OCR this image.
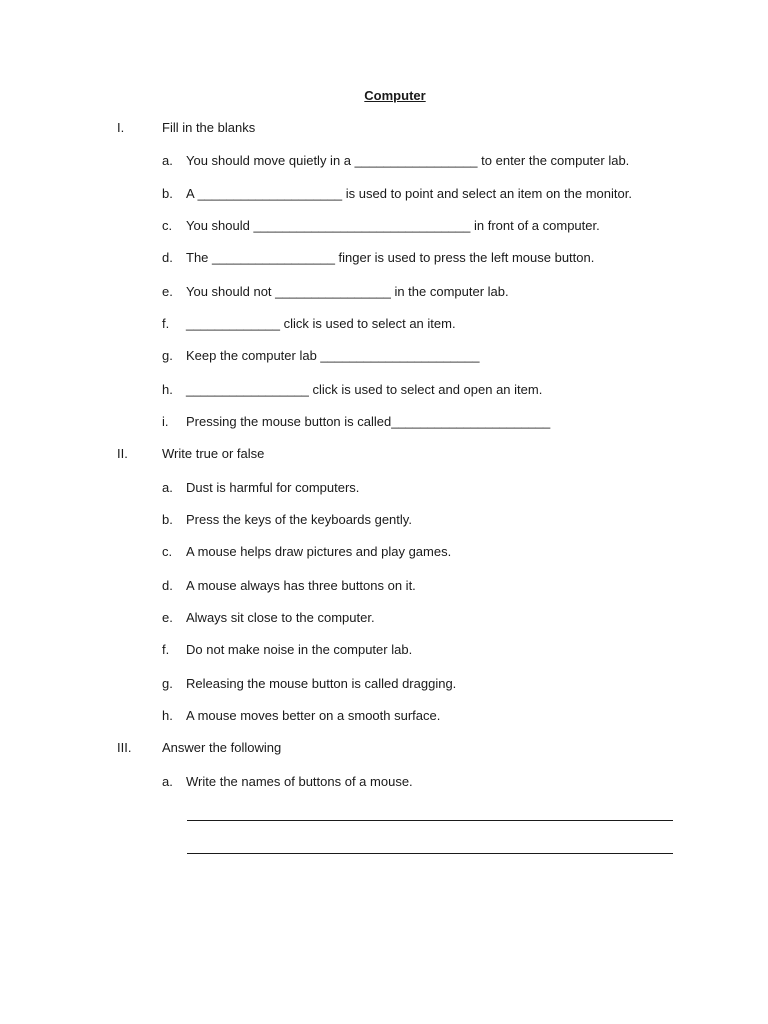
Computer
I.	Fill in the blanks
a. You should move quietly in a _________________ to enter the computer lab.
b. A ____________________ is used to point and select an item on the monitor.
c. You should ______________________________ in front of a computer.
d. The _________________ finger is used to press the left mouse button.
e. You should not ________________ in the computer lab.
f. _____________ click is used to select an item.
g. Keep the computer lab ______________________
h. _________________ click is used to select and open an item.
i. Pressing the mouse button is called______________________
II.	Write true or false
a. Dust is harmful for computers.
b. Press the keys of the keyboards gently.
c. A mouse helps draw pictures and play games.
d. A mouse always has three buttons on it.
e. Always sit close to the computer.
f. Do not make noise in the computer lab.
g. Releasing the mouse button is called dragging.
h. A mouse moves better on a smooth surface.
III. Answer the following
a. Write the names of buttons of a mouse.
